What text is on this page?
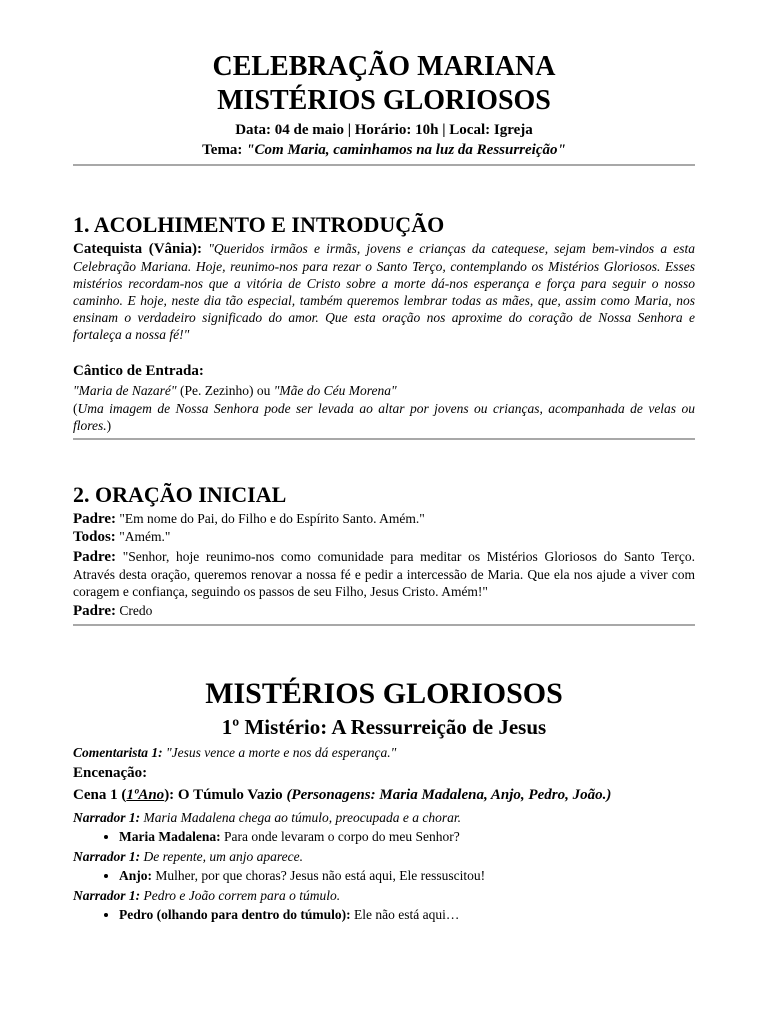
CELEBRAÇÃO MARIANA

MISTÉRIOS GLORIOSOS

Data: 04 de maio | Horário: 10h | Local: Igreja

Tema: "Com Maria, caminhamos na luz da Ressurreição"

1. ACOLHIMENTO E INTRODUÇÃO

Catequista (Vânia): "Queridos irmãos e irmãs, jovens e crianças da catequese, sejam bem-vindos a esta Celebração Mariana. Hoje, reunimo-nos para rezar o Santo Terço, contemplando os Mistérios Gloriosos. Esses mistérios recordam-nos que a vitória de Cristo sobre a morte dá-nos esperança e força para seguir o nosso caminho. E hoje, neste dia tão especial, também queremos lembrar todas as mães, que, assim como Maria, nos ensinam o verdadeiro significado do amor. Que esta oração nos aproxime do coração de Nossa Senhora e fortaleça a nossa fé!"

Cântico de Entrada:

"Maria de Nazaré" (Pe. Zezinho) ou "Mãe do Céu Morena"

(Uma imagem de Nossa Senhora pode ser levada ao altar por jovens ou crianças, acompanhada de velas ou flores.)

2. ORAÇÃO INICIAL

Padre: "Em nome do Pai, do Filho e do Espírito Santo. Amém."

Todos: "Amém."

Padre: "Senhor, hoje reunimo-nos como comunidade para meditar os Mistérios Gloriosos do Santo Terço. Através desta oração, queremos renovar a nossa fé e pedir a intercessão de Maria. Que ela nos ajude a viver com coragem e confiança, seguindo os passos de seu Filho, Jesus Cristo. Amém!"

Padre: Credo

MISTÉRIOS GLORIOSOS

1º Mistério: A Ressurreição de Jesus

Comentarista 1: "Jesus vence a morte e nos dá esperança."

Encenação:

Cena 1 (1ºAno): O Túmulo Vazio (Personagens: Maria Madalena, Anjo, Pedro, João.)

Narrador 1: Maria Madalena chega ao túmulo, preocupada e a chorar.

• Maria Madalena: Para onde levaram o corpo do meu Senhor?

Narrador 1: De repente, um anjo aparece.

• Anjo: Mulher, por que choras? Jesus não está aqui, Ele ressuscitou!

Narrador 1: Pedro e João correm para o túmulo.

• Pedro (olhando para dentro do túmulo): Ele não está aqui…
